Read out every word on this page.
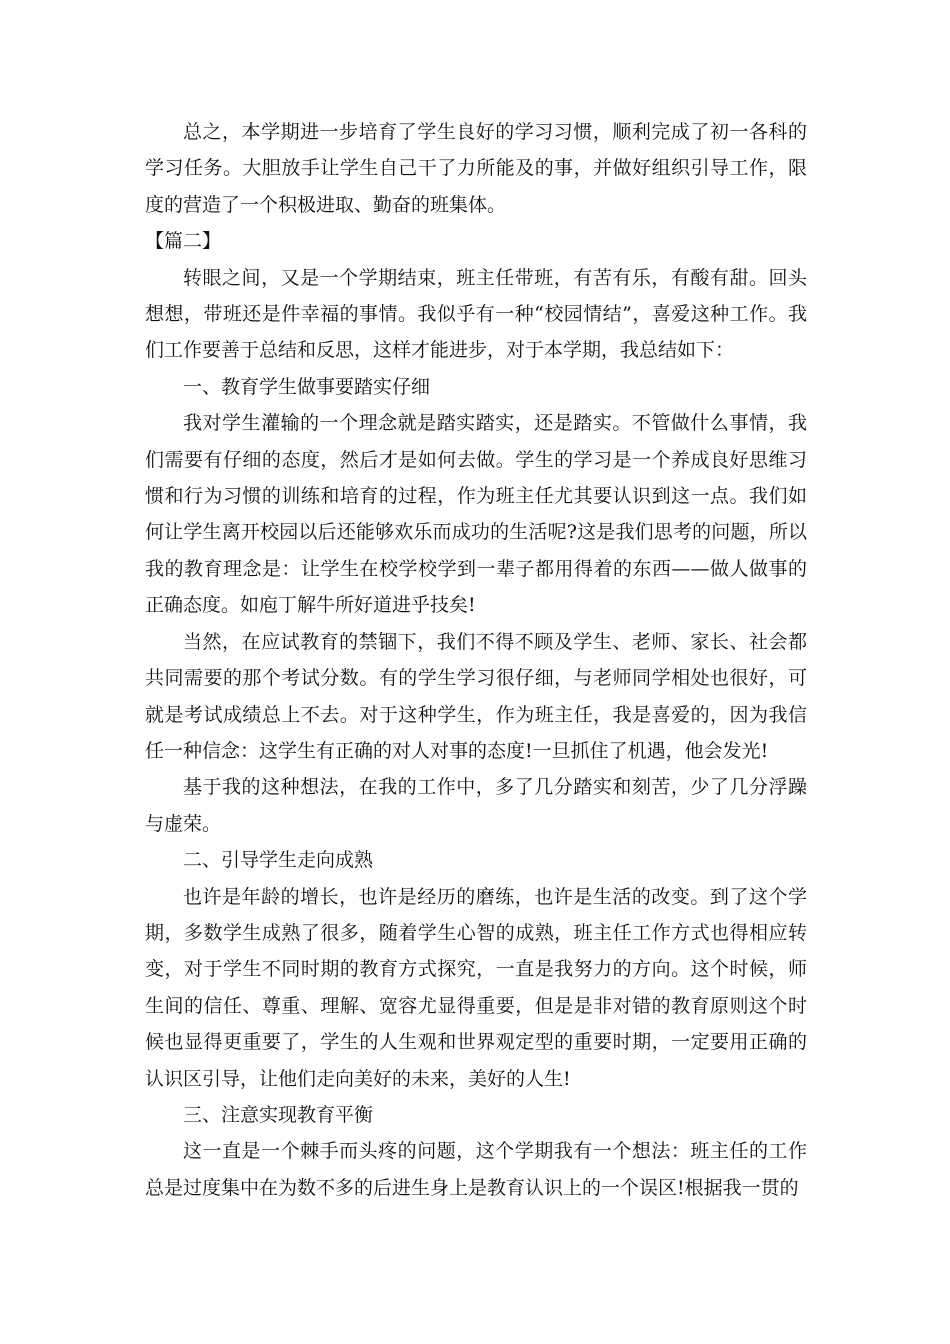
总之，本学期进一步培育了学生良好的学习习惯，顺利完成了初一各科的学习任务。大胆放手让学生自己干了力所能及的事，并做好组织引导工作，限度的营造了一个积极进取、勤奋的班集体。

【篇二】

转眼之间，又是一个学期结束，班主任带班，有苦有乐，有酸有甜。回头想想，带班还是件幸福的事情。我似乎有一种“校园情结”，喜爱这种工作。我们工作要善于总结和反思，这样才能进步，对于本学期，我总结如下：

一、教育学生做事要踏实仔细

我对学生灌输的一个理念就是踏实踏实，还是踏实。不管做什么事情，我们需要有仔细的态度，然后才是如何去做。学生的学习是一个养成良好思维习惯和行为习惯的训练和培育的过程，作为班主任尤其要认识到这一点。我们如何让学生离开校园以后还能够欢乐而成功的生活呢?这是我们思考的问题，所以我的教育理念是：让学生在校学校学到一辈子都用得着的东西——做人做事的正确态度。如庖丁解牛所好道进乎技矣!

当然，在应试教育的禁锢下，我们不得不顾及学生、老师、家长、社会都共同需要的那个考试分数。有的学生学习很仔细，与老师同学相处也很好，可就是考试成绩总上不去。对于这种学生，作为班主任，我是喜爱的，因为我信任一种信念：这学生有正确的对人对事的态度!一旦抓住了机遇，他会发光!

基于我的这种想法，在我的工作中，多了几分踏实和刻苦，少了几分浮躁与虚荣。

二、引导学生走向成熟

也许是年龄的增长，也许是经历的磨练，也许是生活的改变。到了这个学期，多数学生成熟了很多，随着学生心智的成熟，班主任工作方式也得相应转变，对于学生不同时期的教育方式探究，一直是我努力的方向。这个时候，师生间的信任、尊重、理解、宽容尤显得重要，但是是非对错的教育原则这个时候也显得更重要了，学生的人生观和世界观定型的重要时期，一定要用正确的认识区引导，让他们走向美好的未来，美好的人生!

三、注意实现教育平衡

这一直是一个棘手而头疼的问题，这个学期我有一个想法：班主任的工作总是过度集中在为数不多的后进生身上是教育认识上的一个误区!根据我一贯的
